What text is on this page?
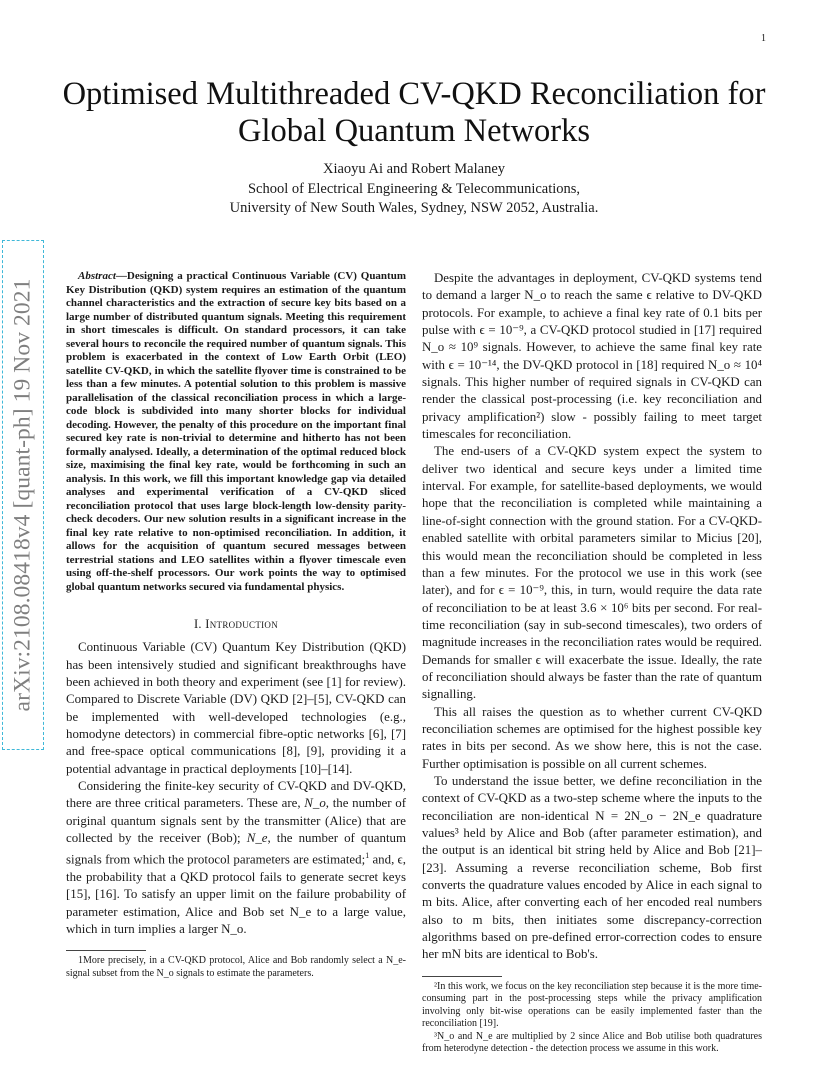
1
arXiv:2108.08418v4 [quant-ph] 19 Nov 2021
Optimised Multithreaded CV-QKD Reconciliation for Global Quantum Networks
Xiaoyu Ai and Robert Malaney
School of Electrical Engineering & Telecommunications,
University of New South Wales, Sydney, NSW 2052, Australia.

Abstract—Designing a practical Continuous Variable (CV) Quantum Key Distribution (QKD) system requires an estimation of the quantum channel characteristics and the extraction of secure key bits based on a large number of distributed quantum signals. Meeting this requirement in short timescales is difficult. On standard processors, it can take several hours to reconcile the required number of quantum signals. This problem is exacerbated in the context of Low Earth Orbit (LEO) satellite CV-QKD, in which the satellite flyover time is constrained to be less than a few minutes. A potential solution to this problem is massive parallelisation of the classical reconciliation process in which a large-code block is subdivided into many shorter blocks for individual decoding. However, the penalty of this procedure on the important final secured key rate is non-trivial to determine and hitherto has not been formally analysed. Ideally, a determination of the optimal reduced block size, maximising the final key rate, would be forthcoming in such an analysis. In this work, we fill this important knowledge gap via detailed analyses and experimental verification of a CV-QKD sliced reconciliation protocol that uses large block-length low-density parity-check decoders. Our new solution results in a significant increase in the final key rate relative to non-optimised reconciliation. In addition, it allows for the acquisition of quantum secured messages between terrestrial stations and LEO satellites within a flyover timescale even using off-the-shelf processors. Our work points the way to optimised global quantum networks secured via fundamental physics.

I. Introduction

Continuous Variable (CV) Quantum Key Distribution (QKD) has been intensively studied and significant breakthroughs have been achieved in both theory and experiment (see [1] for review). Compared to Discrete Variable (DV) QKD [2]–[5], CV-QKD can be implemented with well-developed technologies (e.g., homodyne detectors) in commercial fibre-optic networks [6], [7] and free-space optical communications [8], [9], providing it a potential advantage in practical deployments [10]–[14].

Considering the finite-key security of CV-QKD and DV-QKD, there are three critical parameters. These are, N_o, the number of original quantum signals sent by the transmitter (Alice) that are collected by the receiver (Bob); N_e, the number of quantum signals from which the protocol parameters are estimated;$^1$ and, ϵ, the probability that a QKD protocol fails to generate secret keys [15], [16]. To satisfy an upper limit on the failure probability of parameter estimation, Alice and Bob set N_e to a large value, which in turn implies a larger N_o.

1More precisely, in a CV-QKD protocol, Alice and Bob randomly select a N_e-signal subset from the N_o signals to estimate the parameters.

Despite the advantages in deployment, CV-QKD systems tend to demand a larger N_o to reach the same ϵ relative to DV-QKD protocols. For example, to achieve a final key rate of 0.1 bits per pulse with ϵ = 10⁻⁹, a CV-QKD protocol studied in [17] required N_o ≈ 10⁹ signals. However, to achieve the same final key rate with ϵ = 10⁻¹⁴, the DV-QKD protocol in [18] required N_o ≈ 10⁴ signals. This higher number of required signals in CV-QKD can render the classical post-processing (i.e. key reconciliation and privacy amplification²) slow - possibly failing to meet target timescales for reconciliation.

The end-users of a CV-QKD system expect the system to deliver two identical and secure keys under a limited time interval. For example, for satellite-based deployments, we would hope that the reconciliation is completed while maintaining a line-of-sight connection with the ground station. For a CV-QKD-enabled satellite with orbital parameters similar to Micius [20], this would mean the reconciliation should be completed in less than a few minutes. For the protocol we use in this work (see later), and for ϵ = 10⁻⁹, this, in turn, would require the data rate of reconciliation to be at least 3.6 × 10⁶ bits per second. For real-time reconciliation (say in sub-second timescales), two orders of magnitude increases in the reconciliation rates would be required. Demands for smaller ϵ will exacerbate the issue. Ideally, the rate of reconciliation should always be faster than the rate of quantum signalling.

This all raises the question as to whether current CV-QKD reconciliation schemes are optimised for the highest possible key rates in bits per second. As we show here, this is not the case. Further optimisation is possible on all current schemes.

To understand the issue better, we define reconciliation in the context of CV-QKD as a two-step scheme where the inputs to the reconciliation are non-identical N = 2N_o − 2N_e quadrature values³ held by Alice and Bob (after parameter estimation), and the output is an identical bit string held by Alice and Bob [21]–[23]. Assuming a reverse reconciliation scheme, Bob first converts the quadrature values encoded by Alice in each signal to m bits. Alice, after converting each of her encoded real numbers also to m bits, then initiates some discrepancy-correction algorithms based on pre-defined error-correction codes to ensure her mN bits are identical to Bob's.

²In this work, we focus on the key reconciliation step because it is the more time-consuming part in the post-processing steps while the privacy amplification involving only bit-wise operations can be easily implemented faster than the reconciliation [19].

³N_o and N_e are multiplied by 2 since Alice and Bob utilise both quadratures from heterodyne detection - the detection process we assume in this work.
